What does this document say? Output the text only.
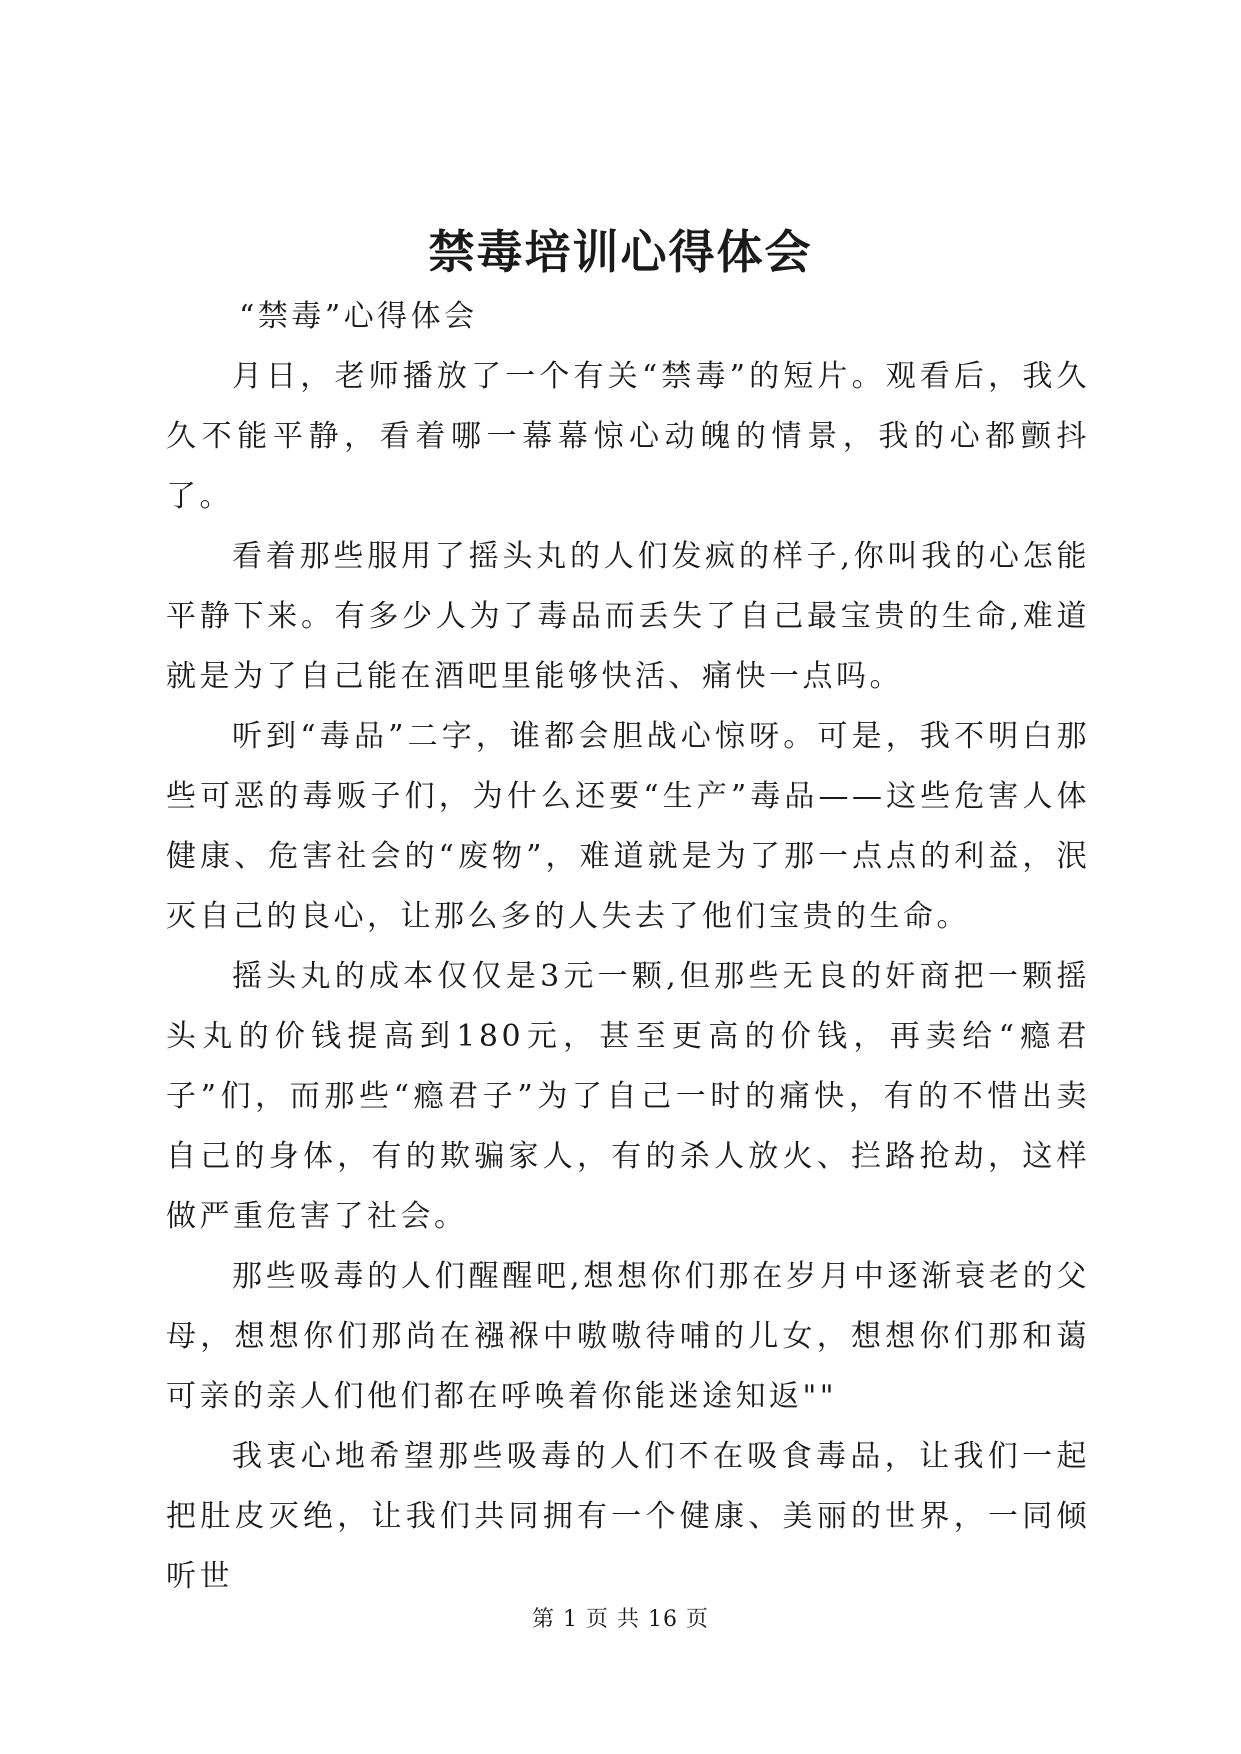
禁毒培训心得体会

“禁毒”心得体会

月日，老师播放了一个有关“禁毒”的短片。观看后，我久久不能平静，看着哪一幕幕惊心动魄的情景，我的心都颤抖了。

看着那些服用了摇头丸的人们发疯的样子,你叫我的心怎能平静下来。有多少人为了毒品而丢失了自己最宝贵的生命,难道就是为了自己能在酒吧里能够快活、痛快一点吗。

听到“毒品”二字，谁都会胆战心惊呀。可是，我不明白那些可恶的毒贩子们，为什么还要“生产”毒品——这些危害人体健康、危害社会的“废物”，难道就是为了那一点点的利益，泯灭自己的良心，让那么多的人失去了他们宝贵的生命。

摇头丸的成本仅仅是3元一颗,但那些无良的奸商把一颗摇头丸的价钱提高到180元，甚至更高的价钱，再卖给“瘾君子”们，而那些“瘾君子”为了自己一时的痛快，有的不惜出卖自己的身体，有的欺骗家人，有的杀人放火、拦路抢劫，这样做严重危害了社会。

那些吸毒的人们醒醒吧,想想你们那在岁月中逐渐衰老的父母，想想你们那尚在襁褓中嗷嗷待哺的儿女，想想你们那和蔼可亲的亲人们他们都在呼唤着你能迷途知返""

我衷心地希望那些吸毒的人们不在吸食毒品，让我们一起把肚皮灭绝，让我们共同拥有一个健康、美丽的世界，一同倾听世

第 1 页 共 16 页
